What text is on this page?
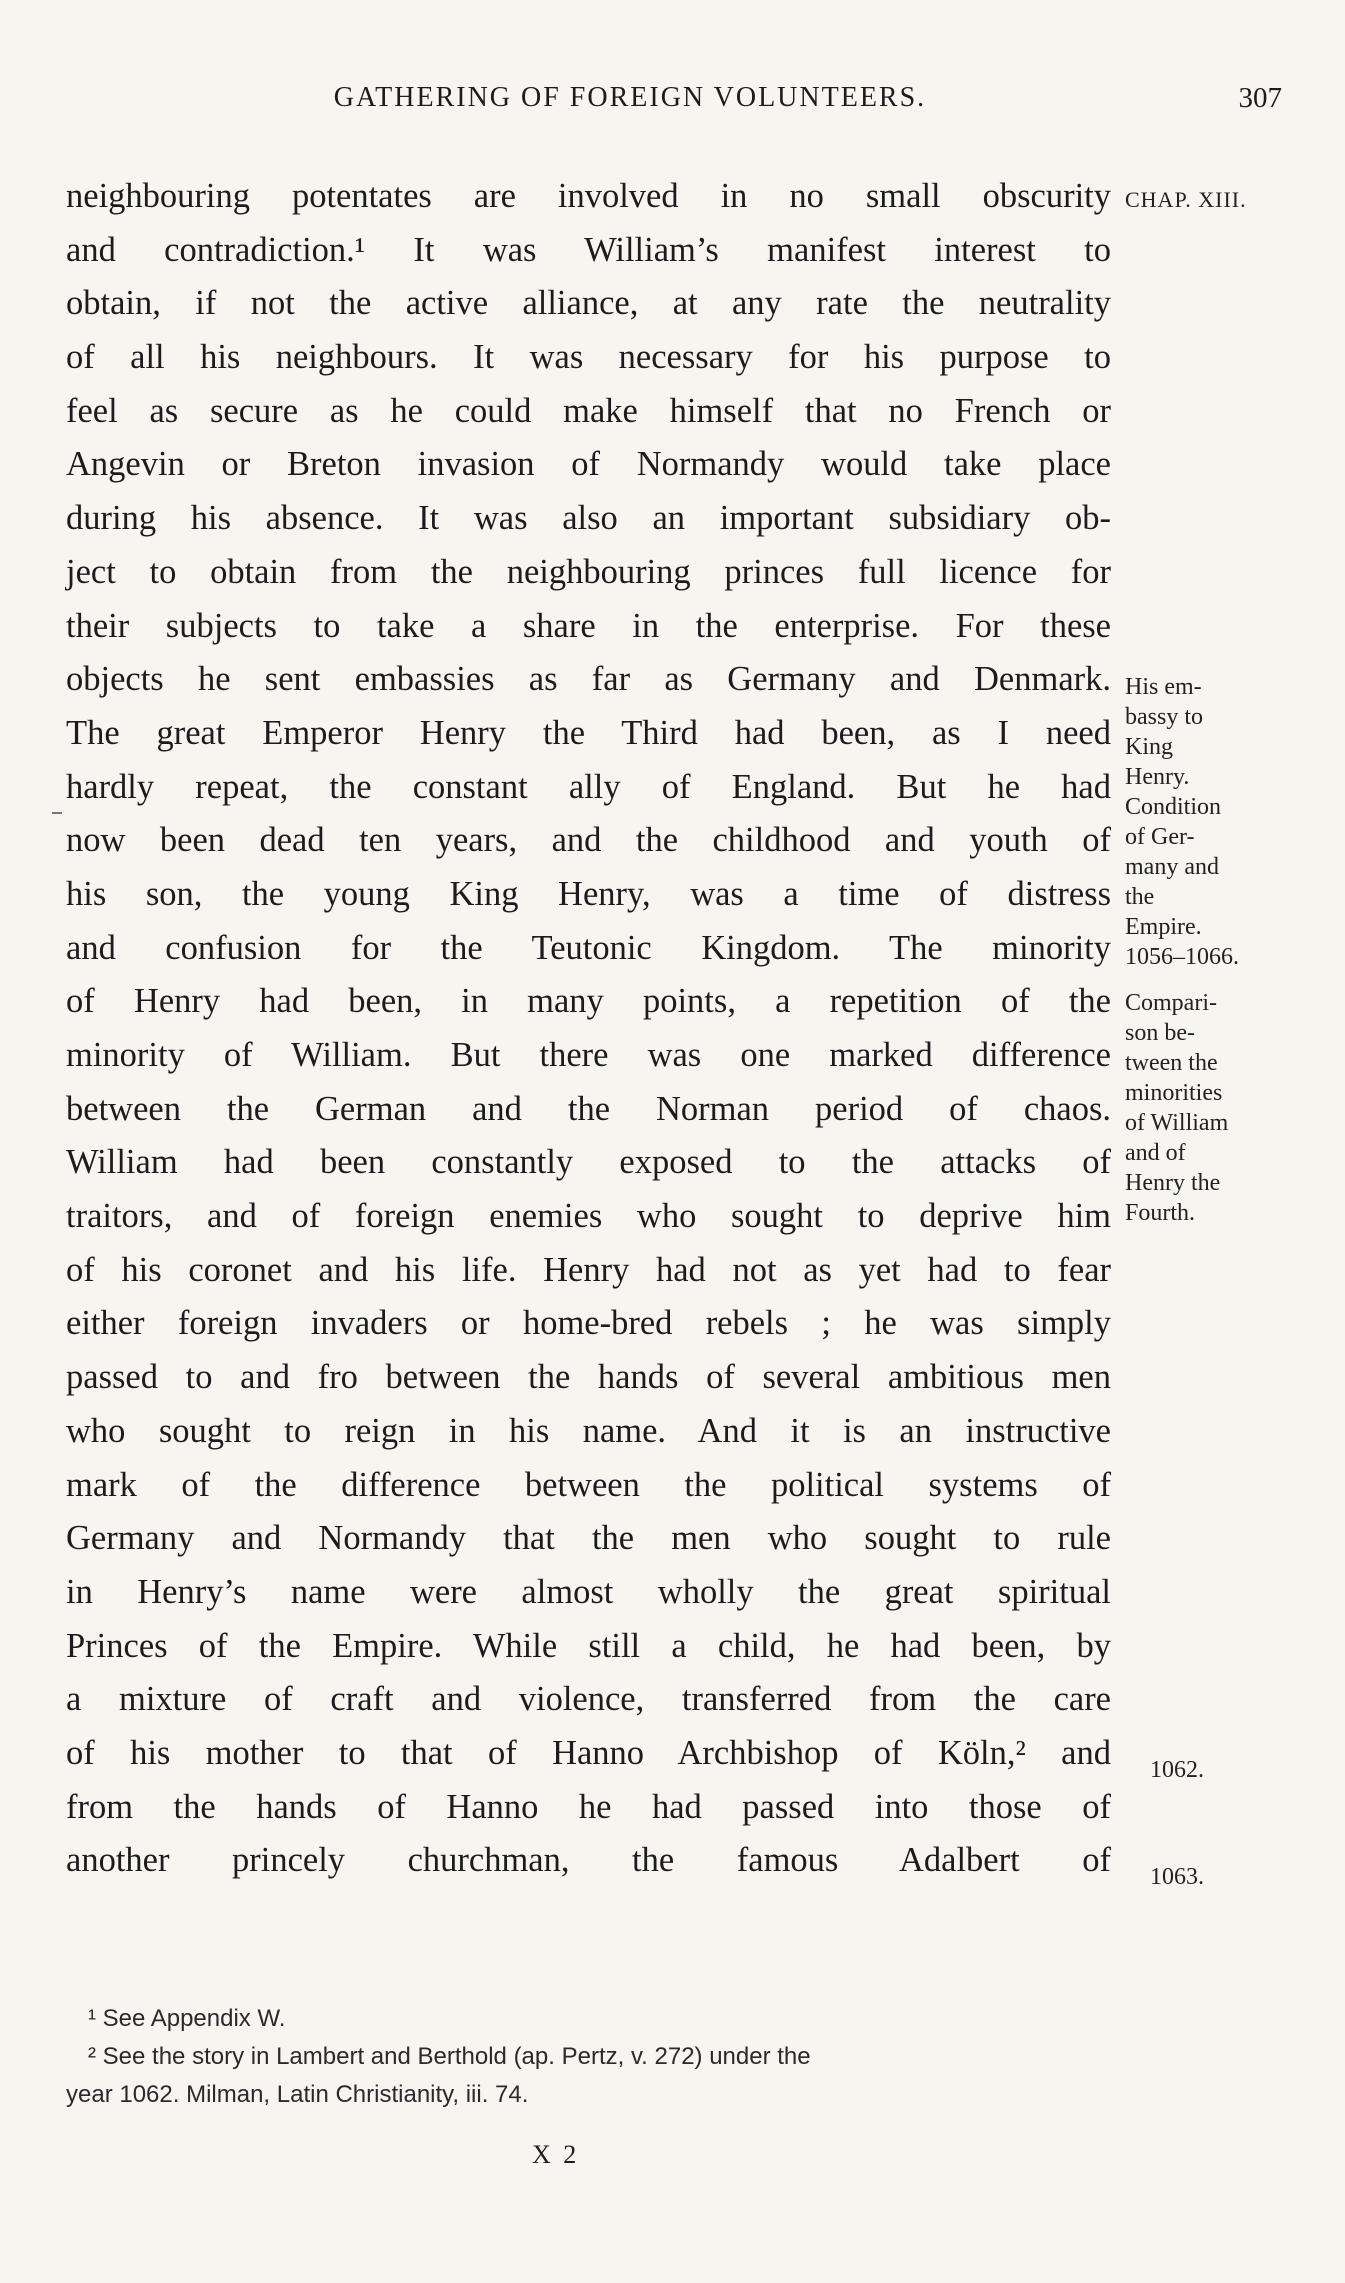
GATHERING OF FOREIGN VOLUNTEERS.	307
neighbouring potentates are involved in no small obscurity
and contradiction.¹ It was William’s manifest interest to
obtain, if not the active alliance, at any rate the neutrality
of all his neighbours. It was necessary for his purpose to
feel as secure as he could make himself that no French or
Angevin or Breton invasion of Normandy would take place
during his absence. It was also an important subsidiary ob-
ject to obtain from the neighbouring princes full licence for
their subjects to take a share in the enterprise. For these
objects he sent embassies as far as Germany and Denmark.
The great Emperor Henry the Third had been, as I need
hardly repeat, the constant ally of England. But he had
now been dead ten years, and the childhood and youth of
his son, the young King Henry, was a time of distress
and confusion for the Teutonic Kingdom. The minority
of Henry had been, in many points, a repetition of the
minority of William. But there was one marked difference
between the German and the Norman period of chaos.
William had been constantly exposed to the attacks of
traitors, and of foreign enemies who sought to deprive him
of his coronet and his life. Henry had not as yet had to fear
either foreign invaders or home-bred rebels ; he was simply
passed to and fro between the hands of several ambitious men
who sought to reign in his name. And it is an instructive
mark of the difference between the political systems of
Germany and Normandy that the men who sought to rule
in Henry’s name were almost wholly the great spiritual
Princes of the Empire. While still a child, he had been, by
a mixture of craft and violence, transferred from the care
of his mother to that of Hanno Archbishop of Köln,² and
from the hands of Hanno he had passed into those of
another princely churchman, the famous Adalbert of
CHAP. XIII.
His em-
bassy to
King
Henry.
Condition
of Ger-
many and
the
Empire.
1056–1066.
Compari-
son be-
tween the
minorities
of William
and of
Henry the
Fourth.
1062.
1063.
¹ See Appendix W.
² See the story in Lambert and Berthold (ap. Pertz, v. 272) under the
year 1062. Milman, Latin Christianity, iii. 74.
X 2
